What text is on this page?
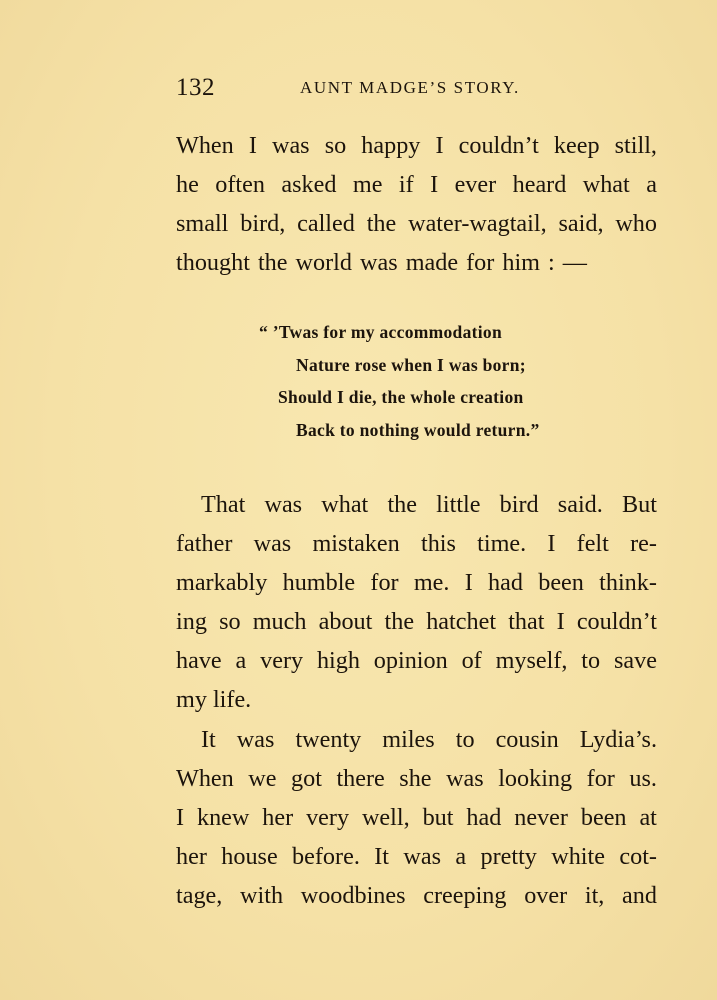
132	AUNT MADGE’S STORY.
When I was so happy I couldn’t keep still,
he often asked me if I ever heard what a
small bird, called the water-wagtail, said, who
thought the world was made for him : —
“ ’Twas for my accommodation
Nature rose when I was born;
Should I die, the whole creation
Back to nothing would return.”
That was what the little bird said. But
father was mistaken this time. I felt re-
markably humble for me. I had been think-
ing so much about the hatchet that I couldn’t
have a very high opinion of myself, to save
my life.
It was twenty miles to cousin Lydia’s.
When we got there she was looking for us.
I knew her very well, but had never been at
her house before. It was a pretty white cot-
tage, with woodbines creeping over it, and
